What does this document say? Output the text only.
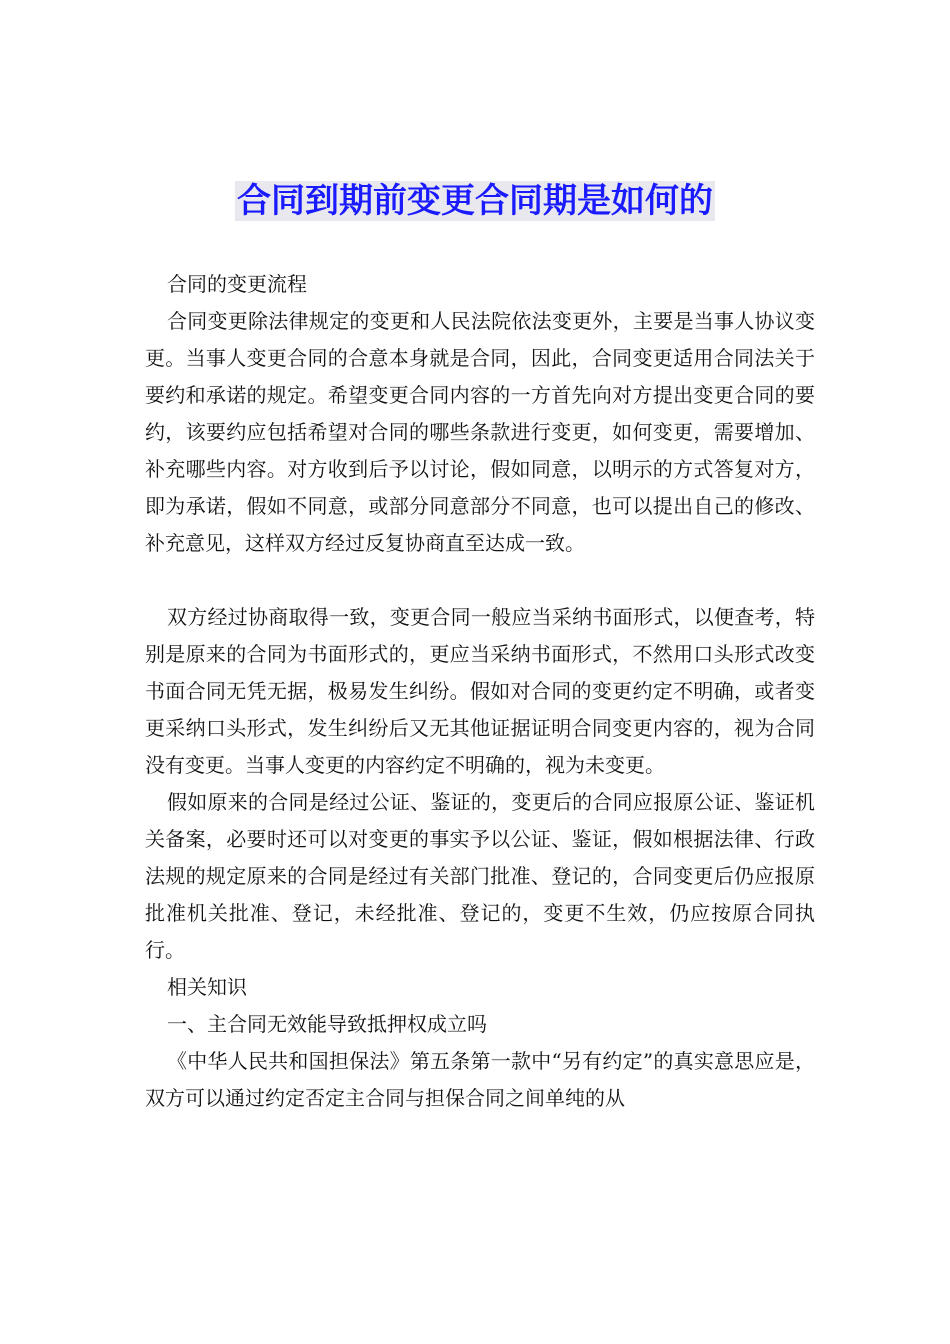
合同到期前变更合同期是如何的

合同的变更流程

合同变更除法律规定的变更和人民法院依法变更外，主要是当事人协议变更。当事人变更合同的合意本身就是合同，因此，合同变更适用合同法关于要约和承诺的规定。希望变更合同内容的一方首先向对方提出变更合同的要约，该要约应包括希望对合同的哪些条款进行变更，如何变更，需要增加、补充哪些内容。对方收到后予以讨论，假如同意，以明示的方式答复对方，即为承诺，假如不同意，或部分同意部分不同意，也可以提出自己的修改、补充意见，这样双方经过反复协商直至达成一致。

双方经过协商取得一致，变更合同一般应当采纳书面形式，以便查考，特别是原来的合同为书面形式的，更应当采纳书面形式，不然用口头形式改变书面合同无凭无据，极易发生纠纷。假如对合同的变更约定不明确，或者变更采纳口头形式，发生纠纷后又无其他证据证明合同变更内容的，视为合同没有变更。当事人变更的内容约定不明确的，视为未变更。

假如原来的合同是经过公证、鉴证的，变更后的合同应报原公证、鉴证机关备案，必要时还可以对变更的事实予以公证、鉴证，假如根据法律、行政法规的规定原来的合同是经过有关部门批准、登记的，合同变更后仍应报原批准机关批准、登记，未经批准、登记的，变更不生效，仍应按原合同执行。

相关知识

一、主合同无效能导致抵押权成立吗

《中华人民共和国担保法》第五条第一款中“另有约定”的真实意思应是，双方可以通过约定否定主合同与担保合同之间单纯的从
